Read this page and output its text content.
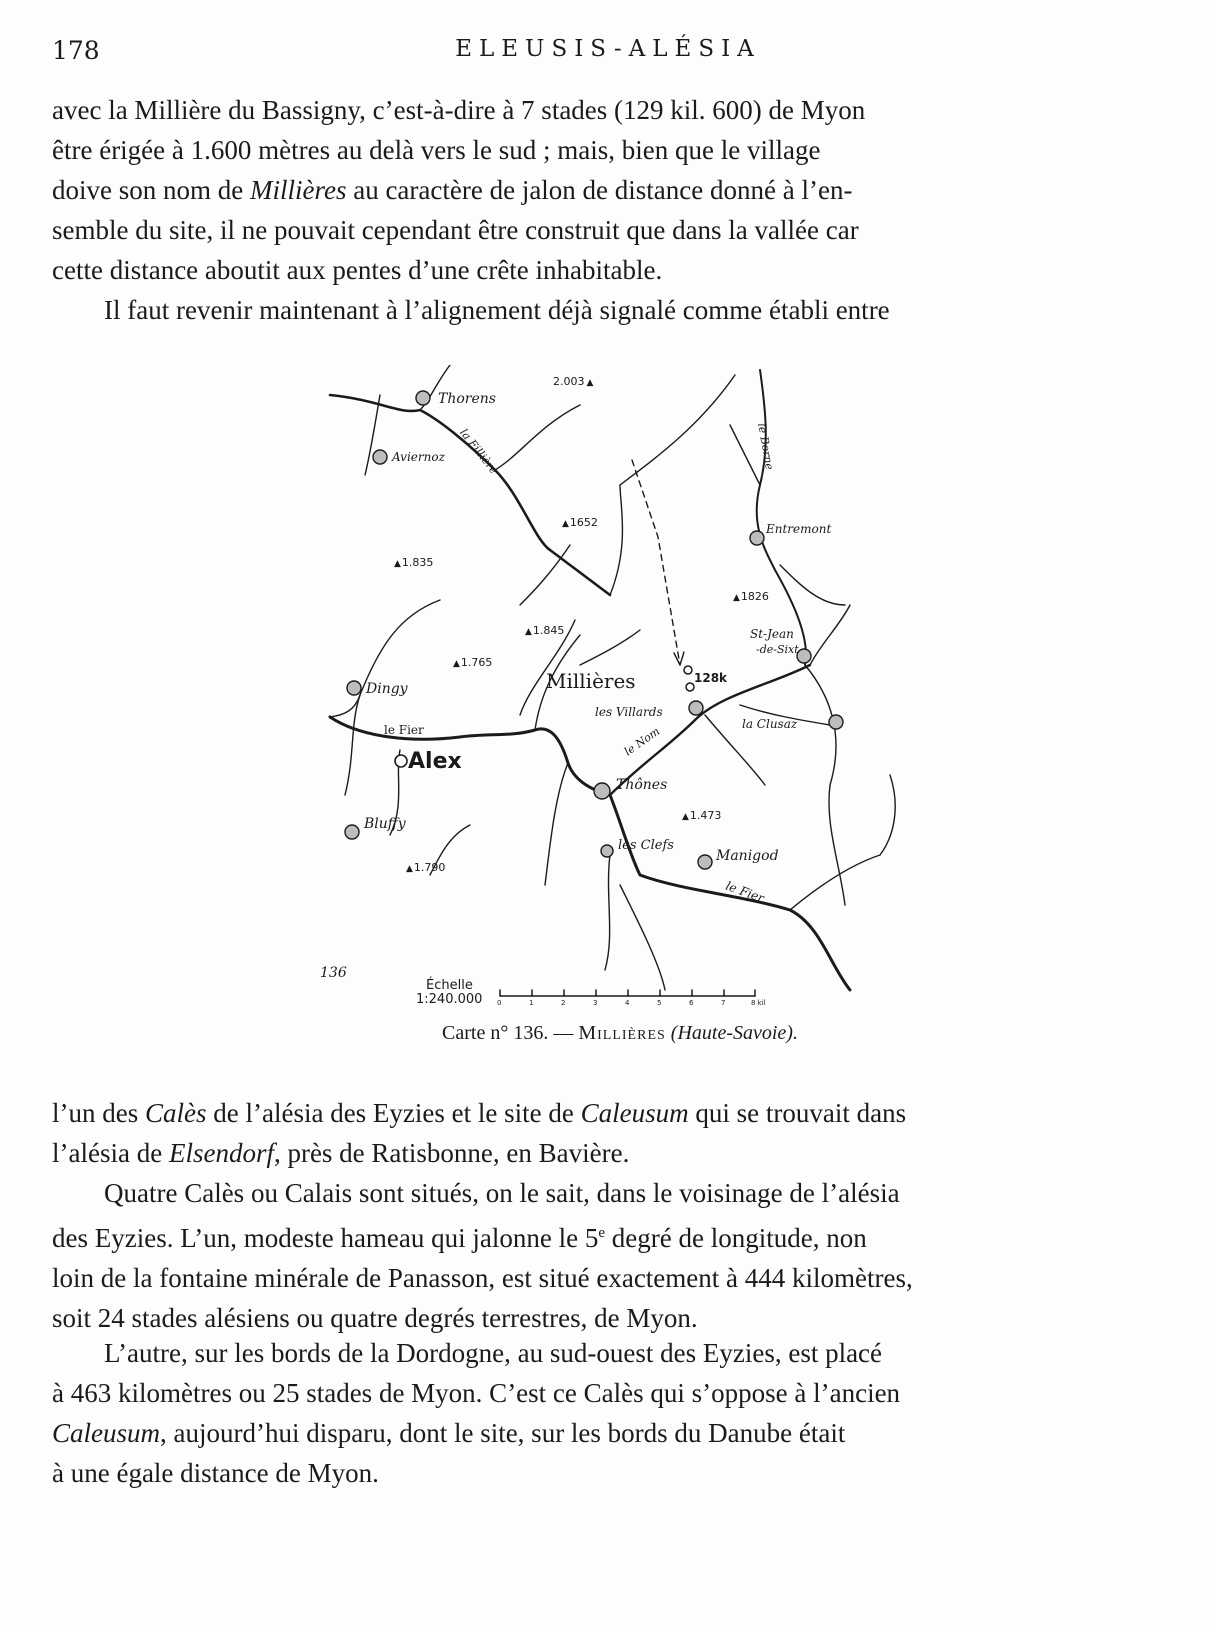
178	ELEUSIS-ALÉSIA

avec la Millière du Bassigny, c’est-à-dire à 7 stades (129 kil. 600) de Myon
être érigée à 1.600 mètres au delà vers le sud ; mais, bien que le village
doive son nom de Millières au caractère de jalon de distance donné à l’en-
semble du site, il ne pouvait cependant être construit que dans la vallée car
cette distance aboutit aux pentes d’une crête inhabitable.

Il faut revenir maintenant à l’alignement déjà signalé comme établi entre

Thorens
Aviernoz
Entremont
St-Jean
-de-Sixt
Dingy
Alex
Bluffy
Millières
les Villards
la Clusaz
Thônes
les Clefs
Manigod
la Fillière	le Borne
le Fier	le Nom
le Fier
2.003 ▲
▲ 1652
▲ 1.835
▲ 1826
▲ 1.845
▲ 1.765
▲ 1.473
▲ 1.790
128k
136
Échelle
1:240.000 0	1	2	3	4	5	6	7	8 kil
Carte n° 136. — Millières (Haute-Savoie).

l’un des Calès de l’alésia des Eyzies et le site de Caleusum qui se trouvait dans
l’alésia de Elsendorf, près de Ratisbonne, en Bavière.

Quatre Calès ou Calais sont situés, on le sait, dans le voisinage de l’alésia
des Eyzies. L’un, modeste hameau qui jalonne le 5e degré de longitude, non
loin de la fontaine minérale de Panasson, est situé exactement à 444 kilomètres,
soit 24 stades alésiens ou quatre degrés terrestres, de Myon.

L’autre, sur les bords de la Dordogne, au sud-ouest des Eyzies, est placé
à 463 kilomètres ou 25 stades de Myon. C’est ce Calès qui s’oppose à l’ancien
Caleusum, aujourd’hui disparu, dont le site, sur les bords du Danube était
à une égale distance de Myon.
